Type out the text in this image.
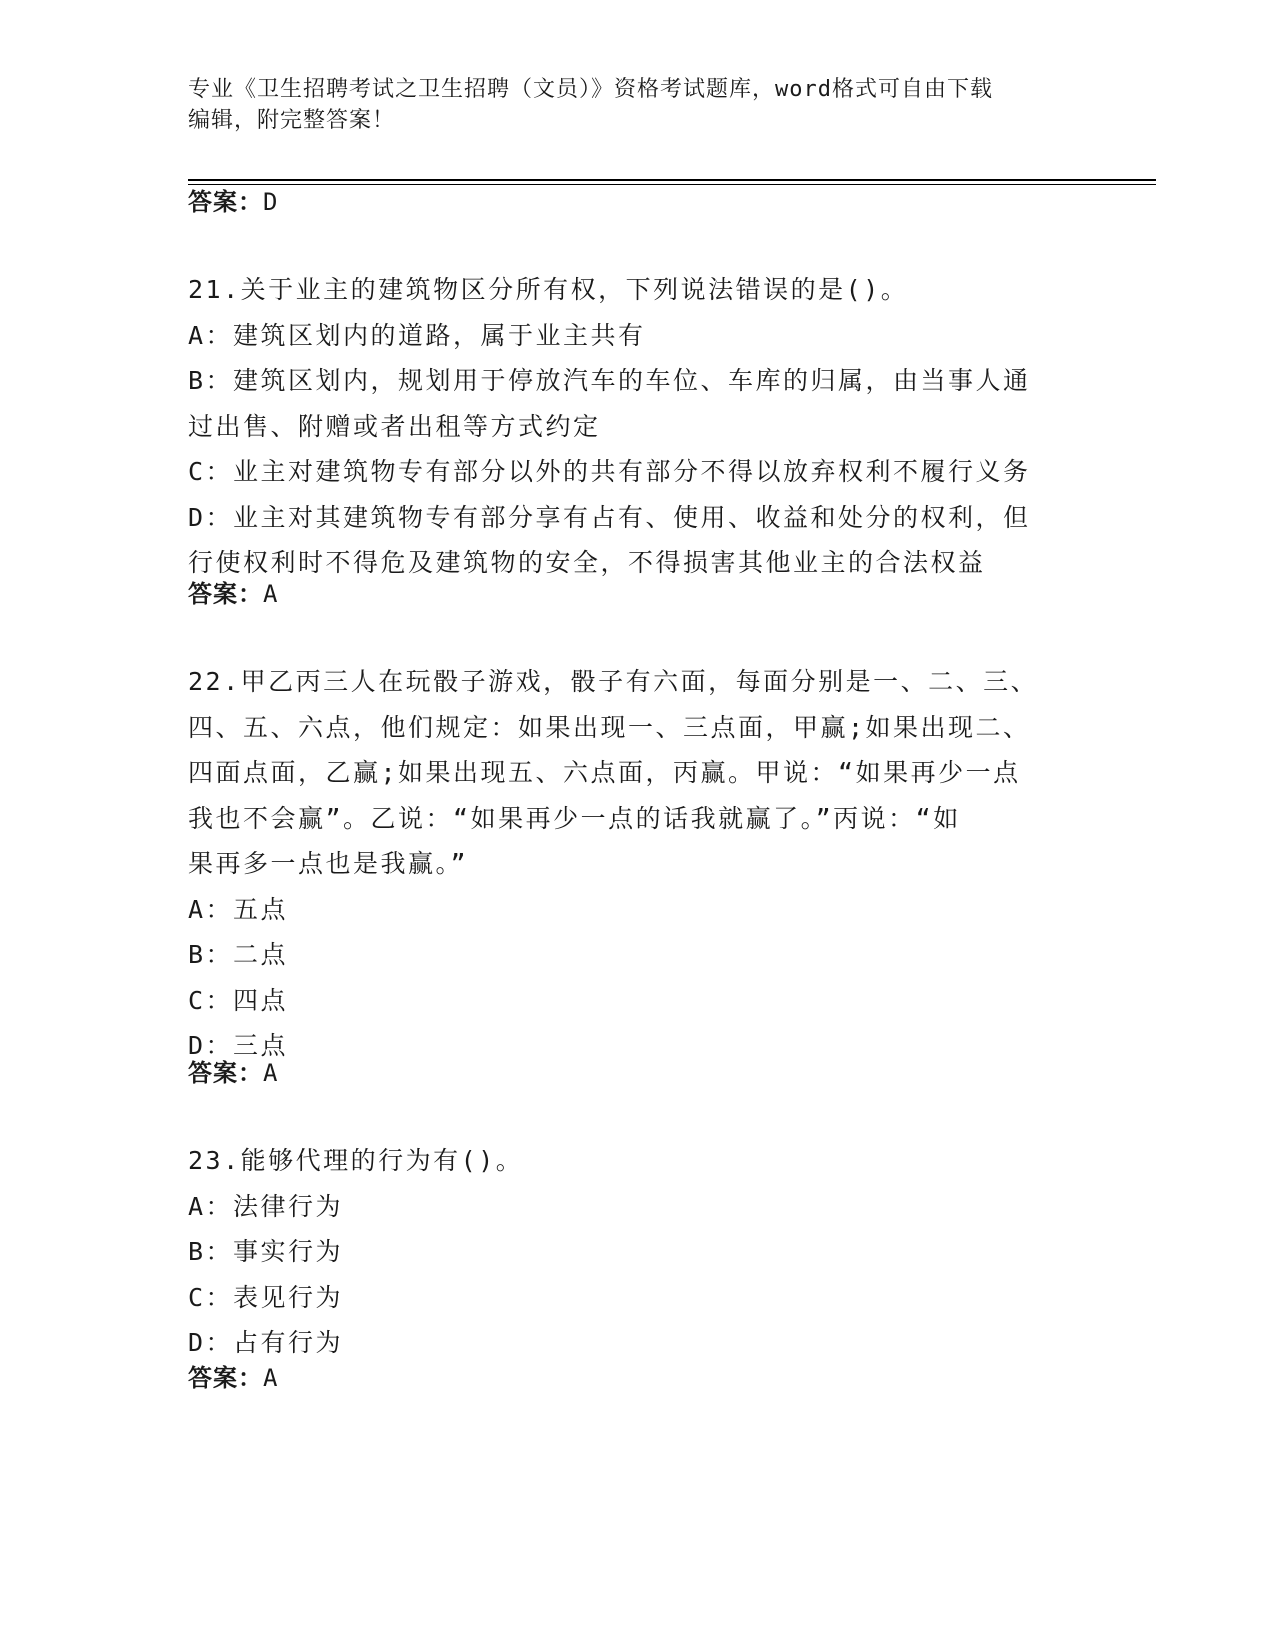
专业《卫生招聘考试之卫生招聘（文员）》资格考试题库，word格式可自由下载
编辑，附完整答案！
答案：D
21.关于业主的建筑物区分所有权，下列说法错误的是()。
A：建筑区划内的道路，属于业主共有
B：建筑区划内，规划用于停放汽车的车位、车库的归属，由当事人通
过出售、附赠或者出租等方式约定
C：业主对建筑物专有部分以外的共有部分不得以放弃权利不履行义务
D：业主对其建筑物专有部分享有占有、使用、收益和处分的权利，但
行使权利时不得危及建筑物的安全，不得损害其他业主的合法权益
答案：A
22.甲乙丙三人在玩骰子游戏，骰子有六面，每面分别是一、二、三、
四、五、六点，他们规定：如果出现一、三点面，甲赢;如果出现二、
四面点面，乙赢;如果出现五、六点面，丙赢。甲说：“如果再少一点
我也不会赢”。乙说：“如果再少一点的话我就赢了。”丙说：“如
果再多一点也是我赢。”
A：五点
B：二点
C：四点
D：三点
答案：A
23.能够代理的行为有()。
A：法律行为
B：事实行为
C：表见行为
D：占有行为
答案：A
